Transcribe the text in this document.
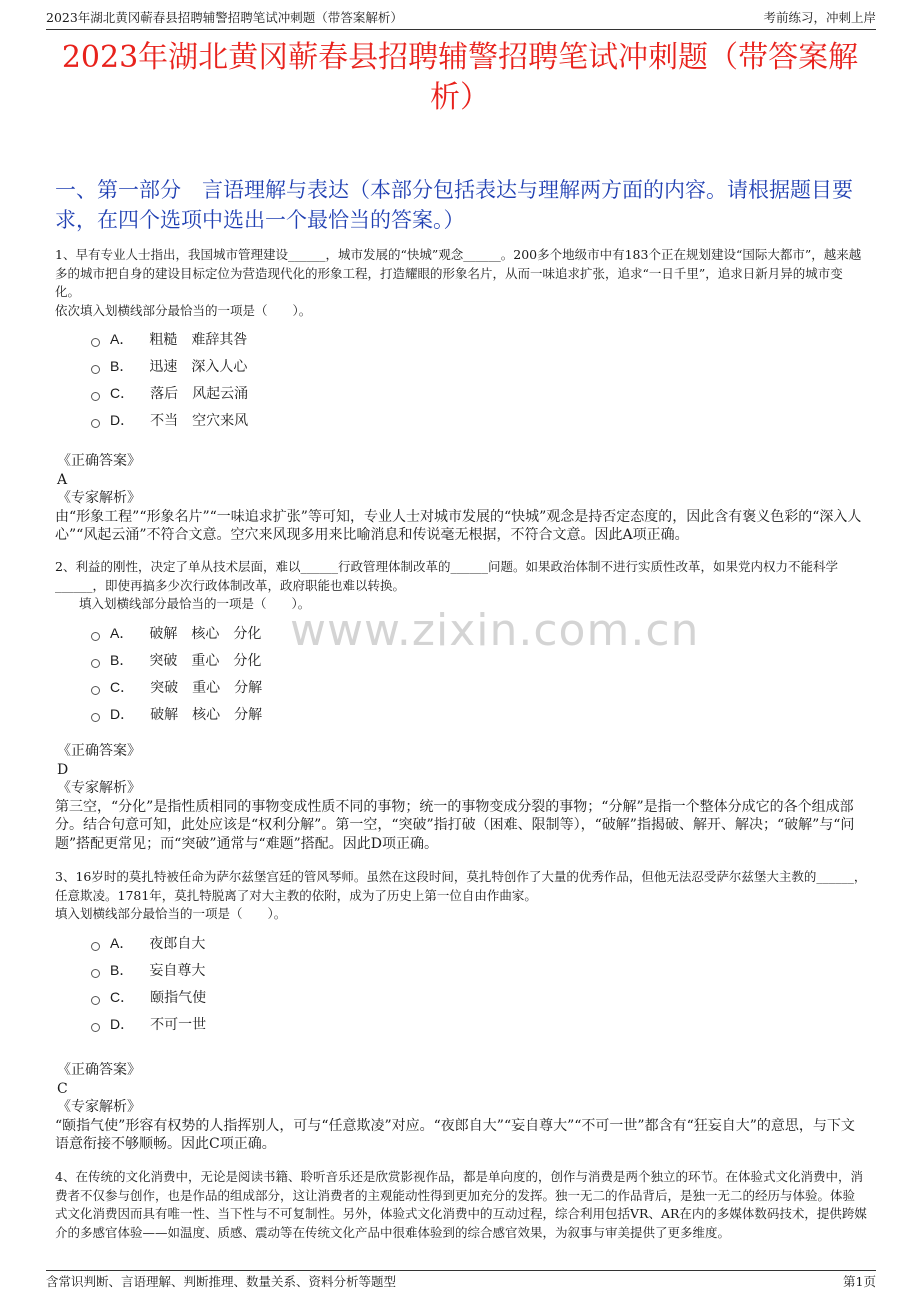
2023年湖北黄冈蕲春县招聘辅警招聘笔试冲刺题（带答案解析）	考前练习，冲刺上岸
2023年湖北黄冈蕲春县招聘辅警招聘笔试冲刺题（带答案解析）
一、第一部分　言语理解与表达（本部分包括表达与理解两方面的内容。请根据题目要求，在四个选项中选出一个最恰当的答案。）

1、早有专业人士指出，我国城市管理建设______，城市发展的“快城”观念______。200多个地级市中有183个正在规划建设“国际大都市”，越来越多的城市把自身的建设目标定位为营造现代化的形象工程，打造耀眼的形象名片，从而一味追求扩张，追求“一日千里”，追求日新月异的城市变化。

依次填入划横线部分最恰当的一项是（　　）。

A． 粗糙 难辞其咎
B． 迅速 深入人心
C． 落后 风起云涌
D． 不当 空穴来风

《正确答案》

A

《专家解析》

由“形象工程”“形象名片”“一味追求扩张”等可知，专业人士对城市发展的“快城”观念是持否定态度的，因此含有褒义色彩的“深入人心”“风起云涌”不符合文意。空穴来风现多用来比喻消息和传说毫无根据，不符合文意。因此A项正确。

2、利益的刚性，决定了单从技术层面，难以______行政管理体制改革的______问题。如果政治体制不进行实质性改革，如果党内权力不能科学______，即使再搞多少次行政体制改革，政府职能也难以转换。

填入划横线部分最恰当的一项是（　　）。

A． 破解 核心 分化
B． 突破 重心 分化
C． 突破 重心 分解
D． 破解 核心 分解

《正确答案》

D

《专家解析》

第三空，“分化”是指性质相同的事物变成性质不同的事物；统一的事物变成分裂的事物；“分解”是指一个整体分成它的各个组成部分。结合句意可知，此处应该是“权利分解”。第一空，“突破”指打破（困难、限制等），“破解”指揭破、解开、解决；“破解”与“问题”搭配更常见；而“突破”通常与“难题”搭配。因此D项正确。

www.zixin.com.cn

3、16岁时的莫扎特被任命为萨尔兹堡宫廷的管风琴师。虽然在这段时间，莫扎特创作了大量的优秀作品，但他无法忍受萨尔兹堡大主教的______，任意欺凌。1781年，莫扎特脱离了对大主教的依附，成为了历史上第一位自由作曲家。

填入划横线部分最恰当的一项是（　　）。

A． 夜郎自大
B． 妄自尊大
C． 颐指气使
D． 不可一世

《正确答案》

C

《专家解析》

“颐指气使”形容有权势的人指挥别人，可与“任意欺凌”对应。“夜郎自大”“妄自尊大”“不可一世”都含有“狂妄自大”的意思，与下文语意衔接不够顺畅。因此C项正确。

4、在传统的文化消费中，无论是阅读书籍、聆听音乐还是欣赏影视作品，都是单向度的，创作与消费是两个独立的环节。在体验式文化消费中，消费者不仅参与创作，也是作品的组成部分，这让消费者的主观能动性得到更加充分的发挥。独一无二的作品背后，是独一无二的经历与体验。体验式文化消费因而具有唯一性、当下性与不可复制性。另外，体验式文化消费中的互动过程，综合利用包括VR、AR在内的多媒体数码技术，提供跨媒介的多感官体验——如温度、质感、震动等在传统文化产品中很难体验到的综合感官效果，为叙事与审美提供了更多维度。

含常识判断、言语理解、判断推理、数量关系、资料分析等题型	第1页
